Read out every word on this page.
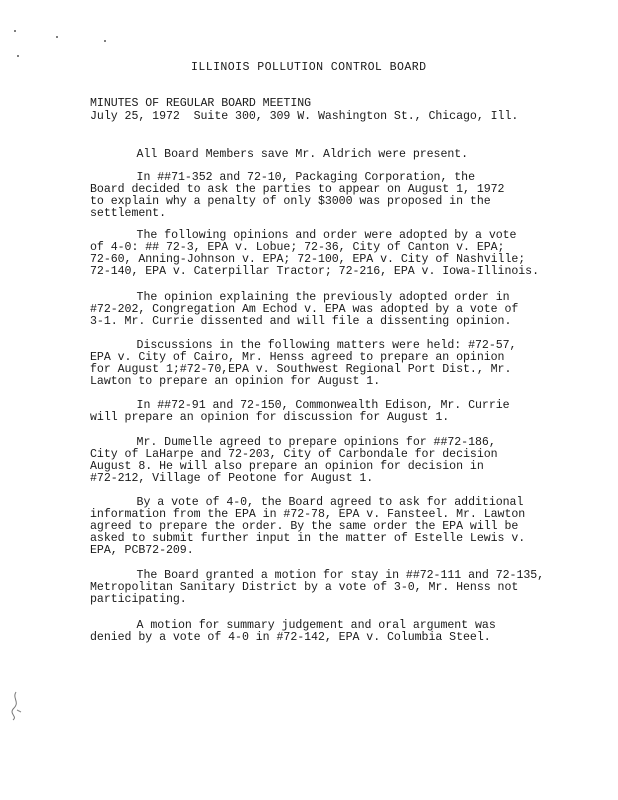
ILLINOIS POLLUTION CONTROL BOARD
MINUTES OF REGULAR BOARD MEETING
July 25, 1972  Suite 300, 309 W. Washington St., Chicago, Ill.
All Board Members save Mr. Aldrich were present.
In ##71-352 and 72-10, Packaging Corporation, the
Board decided to ask the parties to appear on August 1, 1972
to explain why a penalty of only $3000 was proposed in the
settlement.
The following opinions and order were adopted by a vote
of 4-0: ## 72-3, EPA v. Lobue; 72-36, City of Canton v. EPA;
72-60, Anning-Johnson v. EPA; 72-100, EPA v. City of Nashville;
72-140, EPA v. Caterpillar Tractor; 72-216, EPA v. Iowa-Illinois.
The opinion explaining the previously adopted order in
#72-202, Congregation Am Echod v. EPA was adopted by a vote of
3-1. Mr. Currie dissented and will file a dissenting opinion.
Discussions in the following matters were held: #72-57,
EPA v. City of Cairo, Mr. Henss agreed to prepare an opinion
for August 1;#72-70,EPA v. Southwest Regional Port Dist., Mr.
Lawton to prepare an opinion for August 1.
In ##72-91 and 72-150, Commonwealth Edison, Mr. Currie
will prepare an opinion for discussion for August 1.
Mr. Dumelle agreed to prepare opinions for ##72-186,
City of LaHarpe and 72-203, City of Carbondale for decision
August 8. He will also prepare an opinion for decision in
#72-212, Village of Peotone for August 1.
By a vote of 4-0, the Board agreed to ask for additional
information from the EPA in #72-78, EPA v. Fansteel. Mr. Lawton
agreed to prepare the order. By the same order the EPA will be
asked to submit further input in the matter of Estelle Lewis v.
EPA, PCB72-209.
The Board granted a motion for stay in ##72-111 and 72-135,
Metropolitan Sanitary District by a vote of 3-0, Mr. Henss not
participating.
A motion for summary judgement and oral argument was
denied by a vote of 4-0 in #72-142, EPA v. Columbia Steel.
